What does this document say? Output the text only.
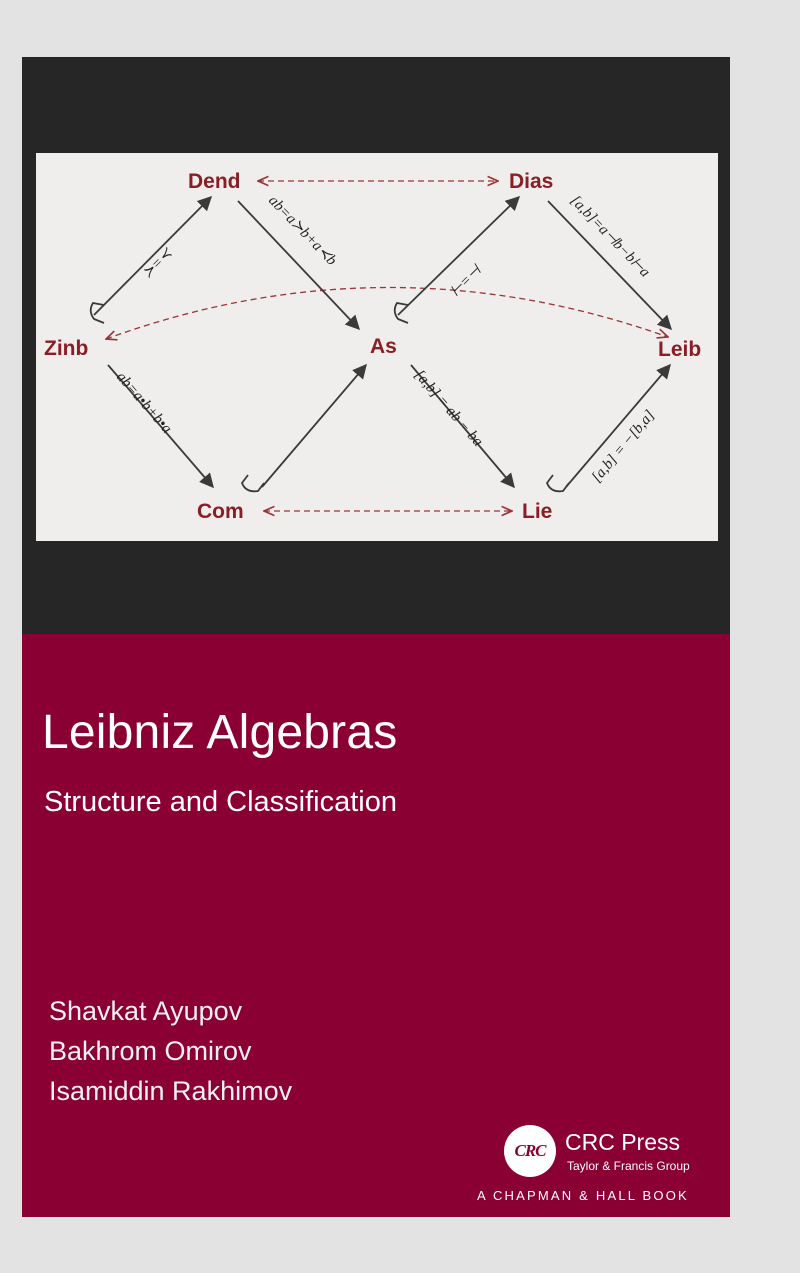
ab=a≻b+a≺b
≻=≺	⊢=⊣
[a,b]=a⊣b−b⊢a
ab=a•b+b•a	[a,b] = ab − ba	[a,b] = −[b,a]
Dend	Dias
Zinb	As	Leib
Com	Lie
Leibniz Algebras
Structure and Classification
Shavkat Ayupov
Bakhrom Omirov
Isamiddin Rakhimov
CRC CRC Press
Taylor & Francis Group
A CHAPMAN & HALL BOOK
